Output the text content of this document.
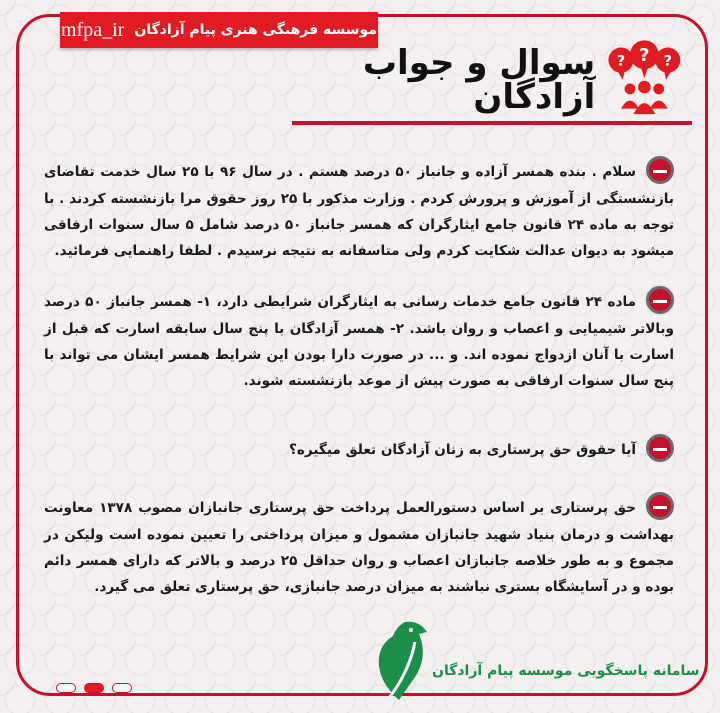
موسسه فرهنگی هنری پیام آزادگان
mfpa_ir
سوال و جواب آزادگان
? ? ?
سلام . بنده همسر آزاده و جانباز ۵۰ درصد هستم . در سال ۹۶ با ۲۵ سال خدمت تقاضای بازنشستگی از آموزش و پرورش کردم . وزارت مذکور با ۲۵ روز حقوق مرا بازنشسته کردند . با توجه به ماده ۲۴ قانون جامع ایثارگران که همسر جانباز ۵۰ درصد شامل ۵ سال سنوات ارفاقی میشود به دیوان عدالت شکایت کردم ولی متاسفانه به نتیجه نرسیدم . لطفا راهنمایی فرمائید.
ماده ۲۴ قانون جامع خدمات رسانی به ایثارگران شرایطی دارد، ۱- همسر جانباز ۵۰ درصد وبالاتر شیمیایی و اعصاب و روان باشد. ۲- همسر آزادگان با پنج سال سابقه اسارت که قبل از اسارت با آنان ازدواج نموده اند. و ... در صورت دارا بودن این شرایط همسر ایشان می تواند با پنج سال سنوات ارفاقی به صورت پیش از موعد بازنشسته شوند.
آیا حقوق حق پرستاری به زنان آزادگان تعلق میگیره؟
حق پرستاری بر اساس دستورالعمل پرداخت حق پرستاری جانبازان مصوب ۱۳۷۸ معاونت بهداشت و درمان بنیاد شهید جانبازان مشمول و میزان پرداختی را تعیین نموده است ولیکن در مجموع و به طور خلاصه جانبازان اعصاب و روان حداقل ۲۵ درصد و بالاتر که دارای همسر دائم بوده و در آسایشگاه بستری نباشند به میزان درصد جانبازی، حق پرستاری تعلق می گیرد.
سامانه پاسخگویی موسسه پیام آزادگان
